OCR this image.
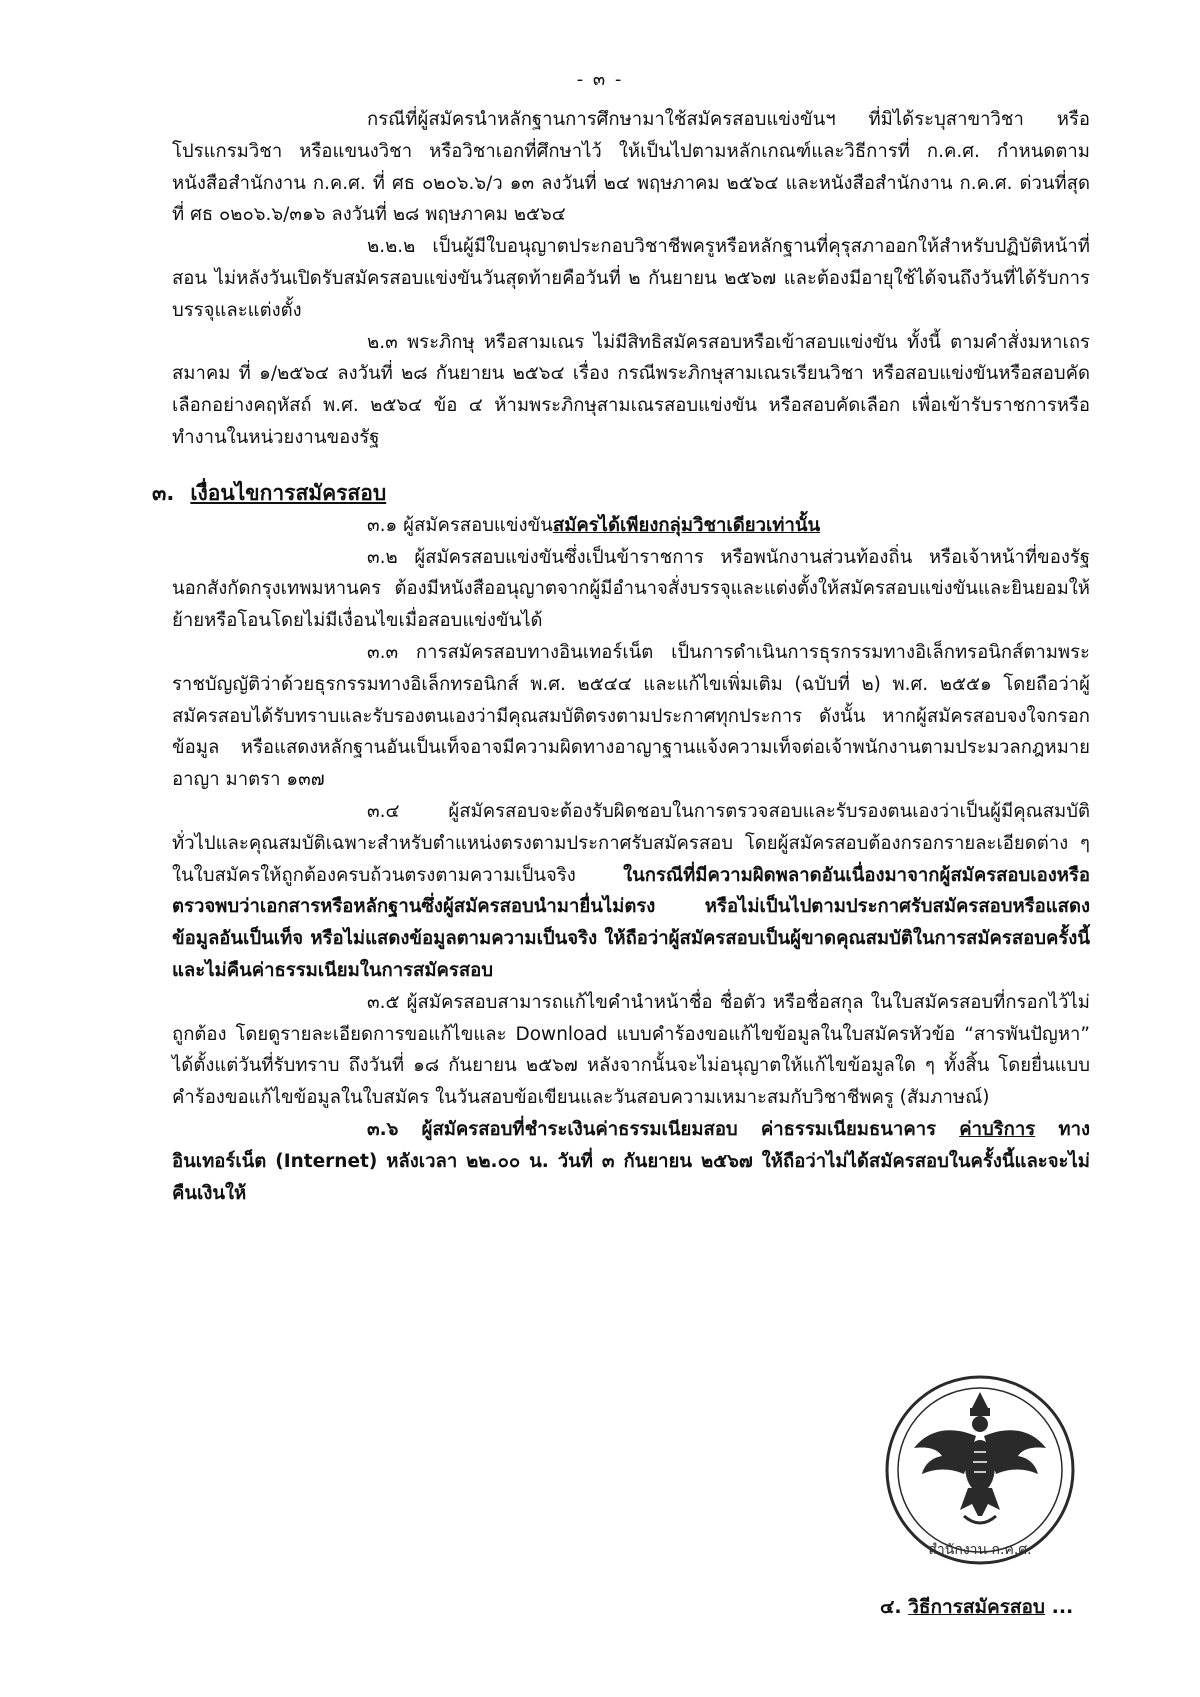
- ๓ -

กรณีที่ผู้สมัครนำหลักฐานการศึกษามาใช้สมัครสอบแข่งขันฯ ที่มิได้ระบุสาขาวิชา หรือโปรแกรมวิชา หรือแขนงวิชา หรือวิชาเอกที่ศึกษาไว้ ให้เป็นไปตามหลักเกณฑ์และวิธีการที่ ก.ค.ศ. กำหนดตามหนังสือสำนักงาน ก.ค.ศ. ที่ ศธ ๐๒๐๖.๖/ว ๑๓ ลงวันที่ ๒๔ พฤษภาคม ๒๕๖๔ และหนังสือสำนักงาน ก.ค.ศ. ด่วนที่สุด ที่ ศธ ๐๒๐๖.๖/๓๑๖ ลงวันที่ ๒๘ พฤษภาคม ๒๕๖๔

๒.๒.๒ เป็นผู้มีใบอนุญาตประกอบวิชาชีพครูหรือหลักฐานที่คุรุสภาออกให้สำหรับปฏิบัติหน้าที่สอน ไม่หลังวันเปิดรับสมัครสอบแข่งขันวันสุดท้ายคือวันที่ ๒ กันยายน ๒๕๖๗ และต้องมีอายุใช้ได้จนถึงวันที่ได้รับการบรรจุและแต่งตั้ง

๒.๓ พระภิกษุ หรือสามเณร ไม่มีสิทธิสมัครสอบหรือเข้าสอบแข่งขัน ทั้งนี้ ตามคำสั่งมหาเถรสมาคม ที่ ๑/๒๕๖๔ ลงวันที่ ๒๘ กันยายน ๒๕๖๔ เรื่อง กรณีพระภิกษุสามเณรเรียนวิชา หรือสอบแข่งขันหรือสอบคัดเลือกอย่างคฤหัสถ์ พ.ศ. ๒๕๖๔ ข้อ ๔ ห้ามพระภิกษุสามเณรสอบแข่งขัน หรือสอบคัดเลือก เพื่อเข้ารับราชการหรือทำงานในหน่วยงานของรัฐ

๓. เงื่อนไขการสมัครสอบ

๓.๑ ผู้สมัครสอบแข่งขันสมัครได้เพียงกลุ่มวิชาเดียวเท่านั้น

๓.๒ ผู้สมัครสอบแข่งขันซึ่งเป็นข้าราชการ หรือพนักงานส่วนท้องถิ่น หรือเจ้าหน้าที่ของรัฐนอกสังกัดกรุงเทพมหานคร ต้องมีหนังสืออนุญาตจากผู้มีอำนาจสั่งบรรจุและแต่งตั้งให้สมัครสอบแข่งขันและยินยอมให้ย้ายหรือโอนโดยไม่มีเงื่อนไขเมื่อสอบแข่งขันได้

๓.๓ การสมัครสอบทางอินเทอร์เน็ต เป็นการดำเนินการธุรกรรมทางอิเล็กทรอนิกส์ตามพระราชบัญญัติว่าด้วยธุรกรรมทางอิเล็กทรอนิกส์ พ.ศ. ๒๕๔๔ และแก้ไขเพิ่มเติม (ฉบับที่ ๒) พ.ศ. ๒๕๕๑ โดยถือว่าผู้สมัครสอบได้รับทราบและรับรองตนเองว่ามีคุณสมบัติตรงตามประกาศทุกประการ ดังนั้น หากผู้สมัครสอบจงใจกรอกข้อมูล หรือแสดงหลักฐานอันเป็นเท็จอาจมีความผิดทางอาญาฐานแจ้งความเท็จต่อเจ้าพนักงานตามประมวลกฎหมายอาญา มาตรา ๑๓๗

๓.๔ ผู้สมัครสอบจะต้องรับผิดชอบในการตรวจสอบและรับรองตนเองว่าเป็นผู้มีคุณสมบัติทั่วไปและคุณสมบัติเฉพาะสำหรับตำแหน่งตรงตามประกาศรับสมัครสอบ โดยผู้สมัครสอบต้องกรอกรายละเอียดต่าง ๆ ในใบสมัครให้ถูกต้องครบถ้วนตรงตามความเป็นจริง ในกรณีที่มีความผิดพลาดอันเนื่องมาจากผู้สมัครสอบเองหรือตรวจพบว่าเอกสารหรือหลักฐานซึ่งผู้สมัครสอบนำมายื่นไม่ตรง หรือไม่เป็นไปตามประกาศรับสมัครสอบหรือแสดงข้อมูลอันเป็นเท็จ หรือไม่แสดงข้อมูลตามความเป็นจริง ให้ถือว่าผู้สมัครสอบเป็นผู้ขาดคุณสมบัติในการสมัครสอบครั้งนี้ และไม่คืนค่าธรรมเนียมในการสมัครสอบ

๓.๕ ผู้สมัครสอบสามารถแก้ไขคำนำหน้าชื่อ ชื่อตัว หรือชื่อสกุล ในใบสมัครสอบที่กรอกไว้ไม่ถูกต้อง โดยดูรายละเอียดการขอแก้ไขและ Download แบบคำร้องขอแก้ไขข้อมูลในใบสมัครหัวข้อ “สารพันปัญหา” ได้ตั้งแต่วันที่รับทราบ ถึงวันที่ ๑๘ กันยายน ๒๕๖๗ หลังจากนั้นจะไม่อนุญาตให้แก้ไขข้อมูลใด ๆ ทั้งสิ้น โดยยื่นแบบคำร้องขอแก้ไขข้อมูลในใบสมัคร ในวันสอบข้อเขียนและวันสอบความเหมาะสมกับวิชาชีพครู (สัมภาษณ์)

๓.๖ ผู้สมัครสอบที่ชำระเงินค่าธรรมเนียมสอบ ค่าธรรมเนียมธนาคาร ค่าบริการ ทางอินเทอร์เน็ต (Internet) หลังเวลา ๒๒.๐๐ น. วันที่ ๓ กันยายน ๒๕๖๗ ให้ถือว่าไม่ได้สมัครสอบในครั้งนี้และจะไม่คืนเงินให้

สำนักงาน ก.ค.ศ.
๔. วิธีการสมัครสอบ ...
